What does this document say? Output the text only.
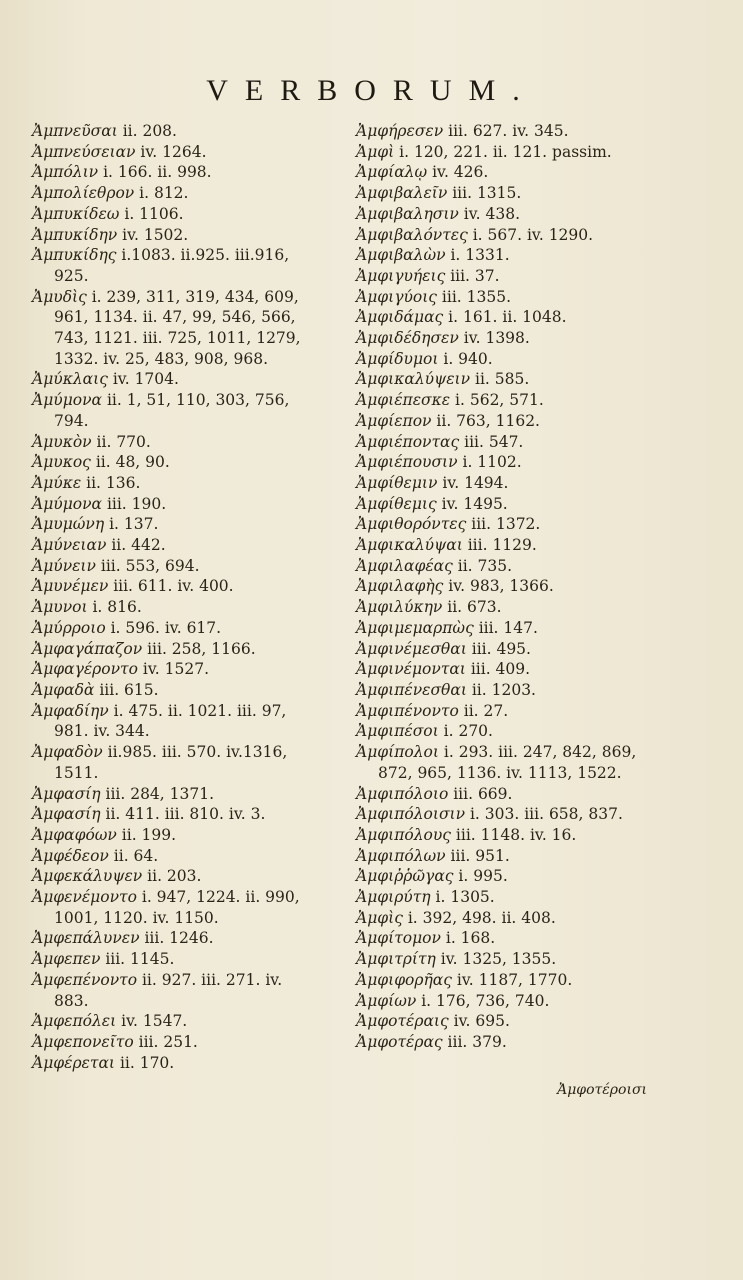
VERBORUM.
Ἀμπνεῦσαι ii. 208.
Ἀμπνεύσειαν iv. 1264.
Ἀμπόλιν i. 166. ii. 998.
Ἀμπολίεθρον i. 812.
Ἀμπυκίδεω i. 1106.
Ἀμπυκίδην iv. 1502.
Ἀμπυκίδης i.1083. ii.925. iii.916,
925.
Ἀμυδὶς i. 239, 311, 319, 434, 609,
961, 1134. ii. 47, 99, 546, 566,
743, 1121. iii. 725, 1011, 1279,
1332. iv. 25, 483, 908, 968.
Ἀμύκλαις iv. 1704.
Ἀμύμονα ii. 1, 51, 110, 303, 756,
794.
Ἀμυκὸν ii. 770.
Ἀμυκος ii. 48, 90.
Ἀμύκε ii. 136.
Ἀμύμονα iii. 190.
Ἀμυμώνη i. 137.
Ἀμύνειαν ii. 442.
Ἀμύνειν iii. 553, 694.
Ἀμυνέμεν iii. 611. iv. 400.
Ἀμυνοι i. 816.
Ἀμύρροιο i. 596. iv. 617.
Ἀμφαγάπαζον iii. 258, 1166.
Ἀμφαγέροντο iv. 1527.
Ἀμφαδὰ iii. 615.
Ἀμφαδίην i. 475. ii. 1021. iii. 97,
981. iv. 344.
Ἀμφαδὸν ii.985. iii. 570. iv.1316,
1511.
Ἀμφασίη iii. 284, 1371.
Ἀμφασίη ii. 411. iii. 810. iv. 3.
Ἀμφαφόων ii. 199.
Ἀμφέδεον ii. 64.
Ἀμφεκάλυψεν ii. 203.
Ἀμφενέμοντο i. 947, 1224. ii. 990,
1001, 1120. iv. 1150.
Ἀμφεπάλυνεν iii. 1246.
Ἀμφεπεν iii. 1145.
Ἀμφεπένοντο ii. 927. iii. 271. iv.
883.
Ἀμφεπόλει iv. 1547.
Ἀμφεπονεῖτο iii. 251.
Ἀμφέρεται ii. 170.
Ἀμφήρεσεν iii. 627. iv. 345.
Ἀμφὶ i. 120, 221. ii. 121. passim.
Ἀμφίαλῳ iv. 426.
Ἀμφιβαλεῖν iii. 1315.
Ἀμφιβαλησιν iv. 438.
Ἀμφιβαλόντες i. 567. iv. 1290.
Ἀμφιβαλὼν i. 1331.
Ἀμφιγυήεις iii. 37.
Ἀμφιγύοις iii. 1355.
Ἀμφιδάμας i. 161. ii. 1048.
Ἀμφιδέδησεν iv. 1398.
Ἀμφίδυμοι i. 940.
Ἀμφικαλύψειν ii. 585.
Ἀμφιέπεσκε i. 562, 571.
Ἀμφίεπον ii. 763, 1162.
Ἀμφιέποντας iii. 547.
Ἀμφιέπουσιν i. 1102.
Ἀμφίθεμιν iv. 1494.
Ἀμφίθεμις iv. 1495.
Ἀμφιθορόντες iii. 1372.
Ἀμφικαλύψαι iii. 1129.
Ἀμφιλαφέας ii. 735.
Ἀμφιλαφὴς iv. 983, 1366.
Ἀμφιλύκην ii. 673.
Ἀμφιμεμαρπὼς iii. 147.
Ἀμφινέμεσθαι iii. 495.
Ἀμφινέμονται iii. 409.
Ἀμφιπένεσθαι ii. 1203.
Ἀμφιπένοντο ii. 27.
Ἀμφιπέσοι i. 270.
Ἀμφίπολοι i. 293. iii. 247, 842, 869,
872, 965, 1136. iv. 1113, 1522.
Ἀμφιπόλοιο iii. 669.
Ἀμφιπόλοισιν i. 303. iii. 658, 837.
Ἀμφιπόλους iii. 1148. iv. 16.
Ἀμφιπόλων iii. 951.
Ἀμφιῤῥῶγας i. 995.
Ἀμφιρύτη i. 1305.
Ἀμφὶς i. 392, 498. ii. 408.
Ἀμφίτομον i. 168.
Ἀμφιτρίτη iv. 1325, 1355.
Ἀμφιφορῆας iv. 1187, 1770.
Ἀμφίων i. 176, 736, 740.
Ἀμφοτέραις iv. 695.
Ἀμφοτέρας iii. 379.
Ἀμφοτέροισι
